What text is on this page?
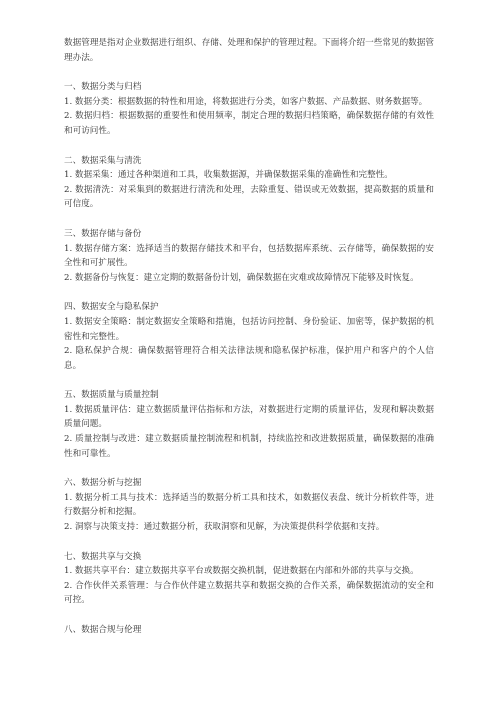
数据管理是指对企业数据进行组织、存储、处理和保护的管理过程。下面将介绍一些常见的数据管理办法。

一、数据分类与归档

1. 数据分类：根据数据的特性和用途，将数据进行分类，如客户数据、产品数据、财务数据等。

2. 数据归档：根据数据的重要性和使用频率，制定合理的数据归档策略，确保数据存储的有效性和可访问性。

二、数据采集与清洗

1. 数据采集：通过各种渠道和工具，收集数据源，并确保数据采集的准确性和完整性。

2. 数据清洗：对采集到的数据进行清洗和处理，去除重复、错误或无效数据，提高数据的质量和可信度。

三、数据存储与备份

1. 数据存储方案：选择适当的数据存储技术和平台，包括数据库系统、云存储等，确保数据的安全性和可扩展性。

2. 数据备份与恢复：建立定期的数据备份计划，确保数据在灾难或故障情况下能够及时恢复。

四、数据安全与隐私保护

1. 数据安全策略：制定数据安全策略和措施，包括访问控制、身份验证、加密等，保护数据的机密性和完整性。

2. 隐私保护合规：确保数据管理符合相关法律法规和隐私保护标准，保护用户和客户的个人信息。

五、数据质量与质量控制

1. 数据质量评估：建立数据质量评估指标和方法，对数据进行定期的质量评估，发现和解决数据质量问题。

2. 质量控制与改进：建立数据质量控制流程和机制，持续监控和改进数据质量，确保数据的准确性和可靠性。

六、数据分析与挖掘

1. 数据分析工具与技术：选择适当的数据分析工具和技术，如数据仪表盘、统计分析软件等，进行数据分析和挖掘。

2. 洞察与决策支持：通过数据分析，获取洞察和见解，为决策提供科学依据和支持。

七、数据共享与交换

1. 数据共享平台：建立数据共享平台或数据交换机制，促进数据在内部和外部的共享与交换。

2. 合作伙伴关系管理：与合作伙伴建立数据共享和数据交换的合作关系，确保数据流动的安全和可控。

八、数据合规与伦理
